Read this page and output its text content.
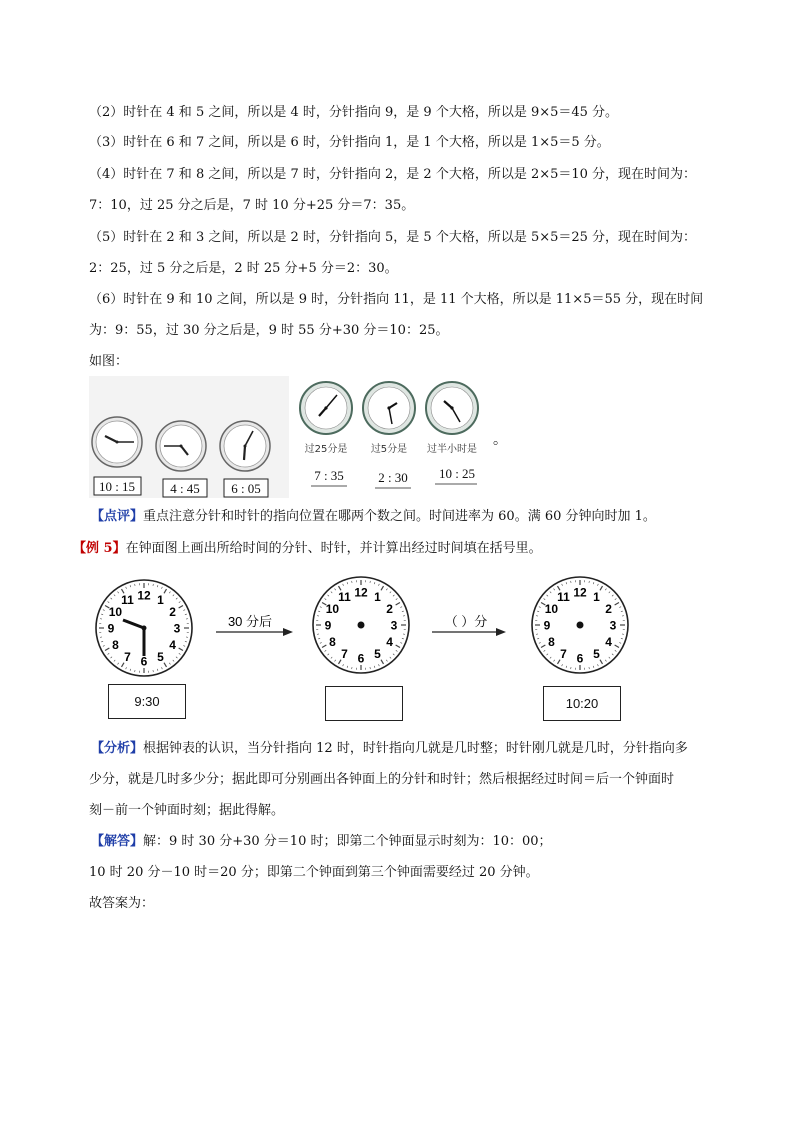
（2）时针在 4 和 5 之间，所以是 4 时，分针指向 9，是 9 个大格，所以是 9×5＝45 分。
（3）时针在 6 和 7 之间，所以是 6 时，分针指向 1，是 1 个大格，所以是 1×5＝5 分。
（4）时针在 7 和 8 之间，所以是 7 时，分针指向 2，是 2 个大格，所以是 2×5＝10 分，现在时间为：
7：10，过 25 分之后是，7 时 10 分+25 分＝7：35。
（5）时针在 2 和 3 之间，所以是 2 时，分针指向 5，是 5 个大格，所以是 5×5＝25 分，现在时间为：
2：25，过 5 分之后是，2 时 25 分+5 分＝2：30。
（6）时针在 9 和 10 之间，所以是 9 时，分针指向 11，是 11 个大格，所以是 11×5＝55 分，现在时间
为：9：55，过 30 分之后是，9 时 55 分+30 分＝10：25。
如图：
10 : 15	4 : 45 6 : 05
过25分是 过5分是 过半小时是
7 : 35	2 : 30 10 : 25
。
【点评】重点注意分针和时针的指向位置在哪两个数之间。时间进率为 60。满 60 分钟向时加 1。
【例 5】在钟面图上画出所给时间的分针、时针，并计算出经过时间填在括号里。
12 1
2
3
4
5
6
7
8
9
10
11
12 1
2
3
4
5
6
7
8
9
10
11	12 1
2
3
4
5
6
7
8
9
10
11
30 分后	（ ）分
9:30	10:20
【分析】根据钟表的认识，当分针指向 12 时，时针指向几就是几时整；时针刚几就是几时，分针指向多
少分，就是几时多少分；据此即可分别画出各钟面上的分针和时针；然后根据经过时间＝后一个钟面时
刻－前一个钟面时刻；据此得解。
【解答】解：9 时 30 分+30 分＝10 时；即第二个钟面显示时刻为：10：00；
10 时 20 分－10 时＝20 分；即第二个钟面到第三个钟面需要经过 20 分钟。
故答案为：
